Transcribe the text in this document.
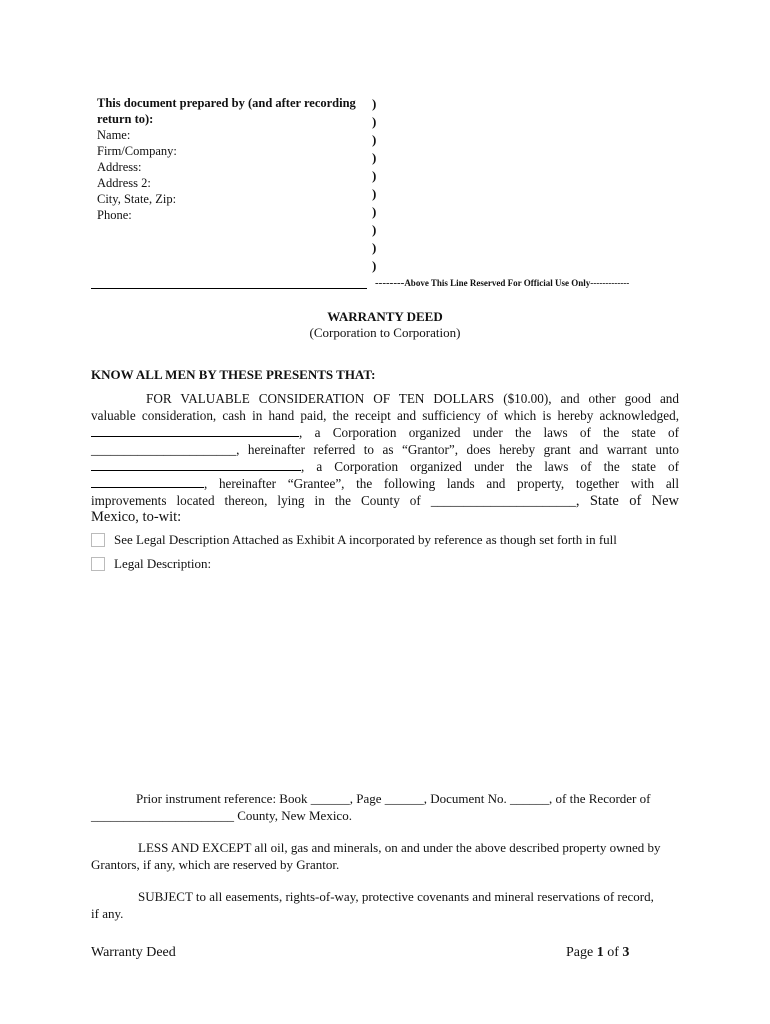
This document prepared by (and after recording return to):
Name:
Firm/Company:
Address:
Address 2:
City, State, Zip:
Phone:
)
)
)
)
)
)
)
)
)
)
--------Above This Line Reserved For Official Use Only-------------
WARRANTY DEED
(Corporation to Corporation)
KNOW ALL MEN BY THESE PRESENTS THAT:
FOR VALUABLE CONSIDERATION OF TEN DOLLARS ($10.00), and other good and
valuable consideration, cash in hand paid, the receipt and sufficiency of which is hereby acknowledged,
, a Corporation organized under the laws of the state of
______________________, hereinafter referred to as “Grantor”, does hereby grant and warrant unto
, a Corporation organized under the laws of the state of
, hereinafter “Grantee”, the following lands and property, together with all
improvements located thereon, lying in the County of ______________________, State of New
Mexico, to-wit:
See Legal Description Attached as Exhibit A incorporated by reference as though set forth in full
Legal Description:
Prior instrument reference: Book ______, Page ______, Document No. ______, of the Recorder of
______________________ County, New Mexico.
LESS AND EXCEPT all oil, gas and minerals, on and under the above described property owned by Grantors, if any, which are reserved by Grantor.
SUBJECT to all easements, rights-of-way, protective covenants and mineral reservations of record, if any.
Warranty Deed	Page 1 of 3
